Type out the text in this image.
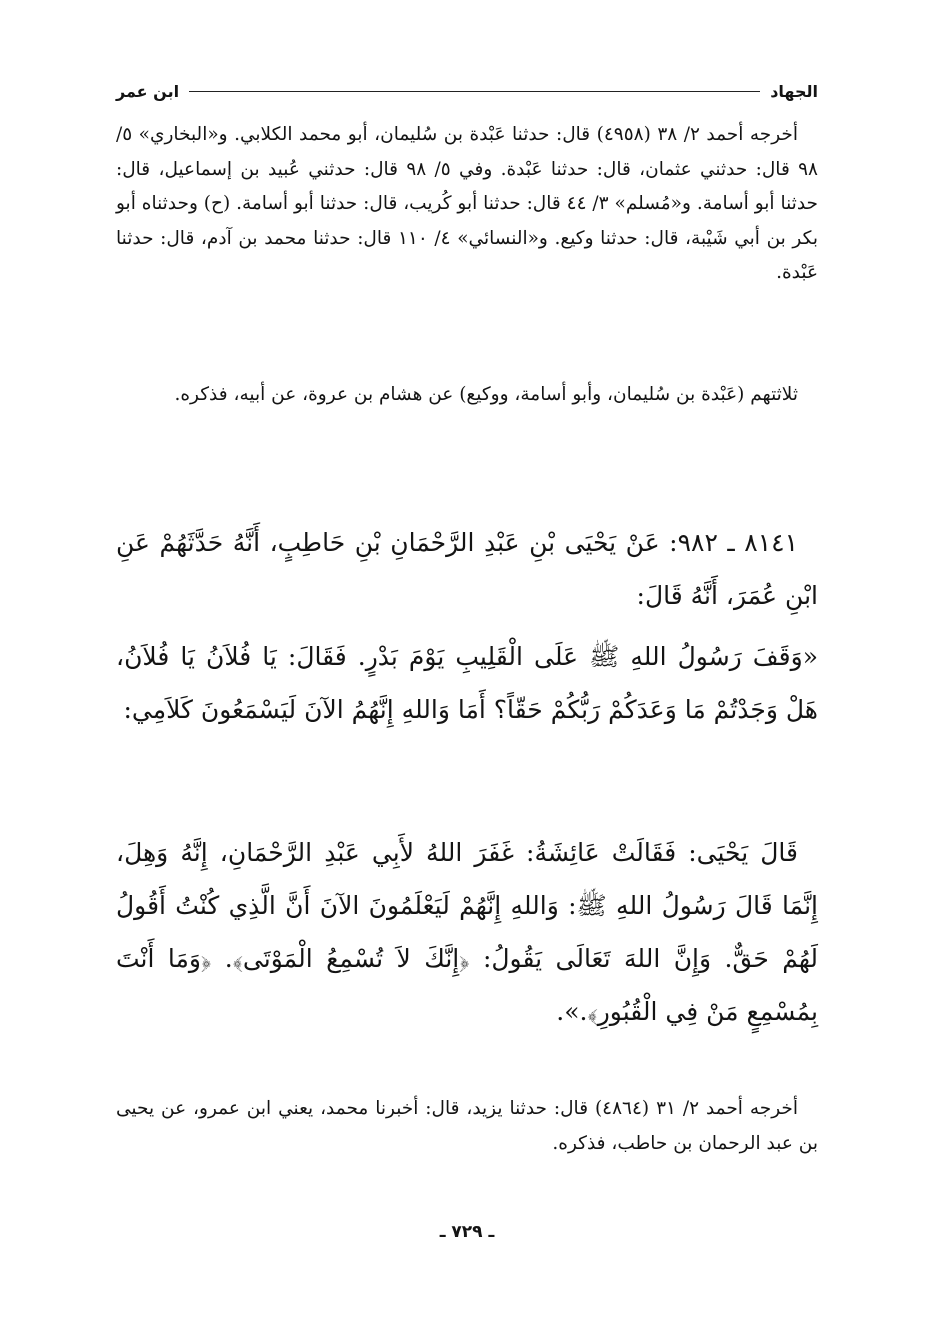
الجهاد
ابن عمر

أخرجه أحمد ٢/ ٣٨ (٤٩٥٨) قال: حدثنا عَبْدة بن سُليمان، أبو محمد الكلابي. و«البخاري» ٥/ ٩٨ قال: حدثني عثمان، قال: حدثنا عَبْدة. وفي ٥/ ٩٨ قال: حدثني عُبيد بن إسماعيل، قال: حدثنا أبو أسامة. و«مُسلم» ٣/ ٤٤ قال: حدثنا أبو كُريب، قال: حدثنا أبو أسامة. (ح) وحدثناه أبو بكر بن أبي شَيْبة، قال: حدثنا وكيع. و«النسائي» ٤/ ١١٠ قال: حدثنا محمد بن آدم، قال: حدثنا عَبْدة.

ثلاثتهم (عَبْدة بن سُليمان، وأبو أسامة، ووكيع) عن هشام بن عروة، عن أبيه، فذكره.

٨١٤١ ـ ٩٨٢: عَنْ يَحْيَى بْنِ عَبْدِ الرَّحْمَانِ بْنِ حَاطِبٍ، أَنَّهُ حَدَّثَهُمْ عَنِ ابْنِ عُمَرَ، أَنَّهُ قَالَ:

«وَقَفَ رَسُولُ اللهِ ﷺ عَلَى الْقَلِيبِ يَوْمَ بَدْرٍ. فَقَالَ: يَا فُلاَنُ يَا فُلاَنُ، هَلْ وَجَدْتُمْ مَا وَعَدَكُمْ رَبُّكُمْ حَقّاً؟ أَمَا وَاللهِ إِنَّهُمُ الآنَ لَيَسْمَعُونَ كَلاَمِي:

قَالَ يَحْيَى: فَقَالَتْ عَائِشَةُ: غَفَرَ اللهُ لأَبِي عَبْدِ الرَّحْمَانِ، إِنَّهُ وَهِلَ، إِنَّمَا قَالَ رَسُولُ اللهِ ﷺ: وَاللهِ إِنَّهُمْ لَيَعْلَمُونَ الآنَ أَنَّ الَّذِي كُنْتُ أَقُولُ لَهُمْ حَقٌّ. وَإِنَّ اللهَ تَعَالَى يَقُولُ: ﴿إِنَّكَ لاَ تُسْمِعُ الْمَوْتَى﴾. ﴿وَمَا أَنْتَ بِمُسْمِعٍ مَنْ فِي الْقُبُورِ﴾.».

أخرجه أحمد ٢/ ٣١ (٤٨٦٤) قال: حدثنا يزيد، قال: أخبرنا محمد، يعني ابن عمرو، عن يحيى بن عبد الرحمان بن حاطب، فذكره.

ـ ٧٢٩ ـ
